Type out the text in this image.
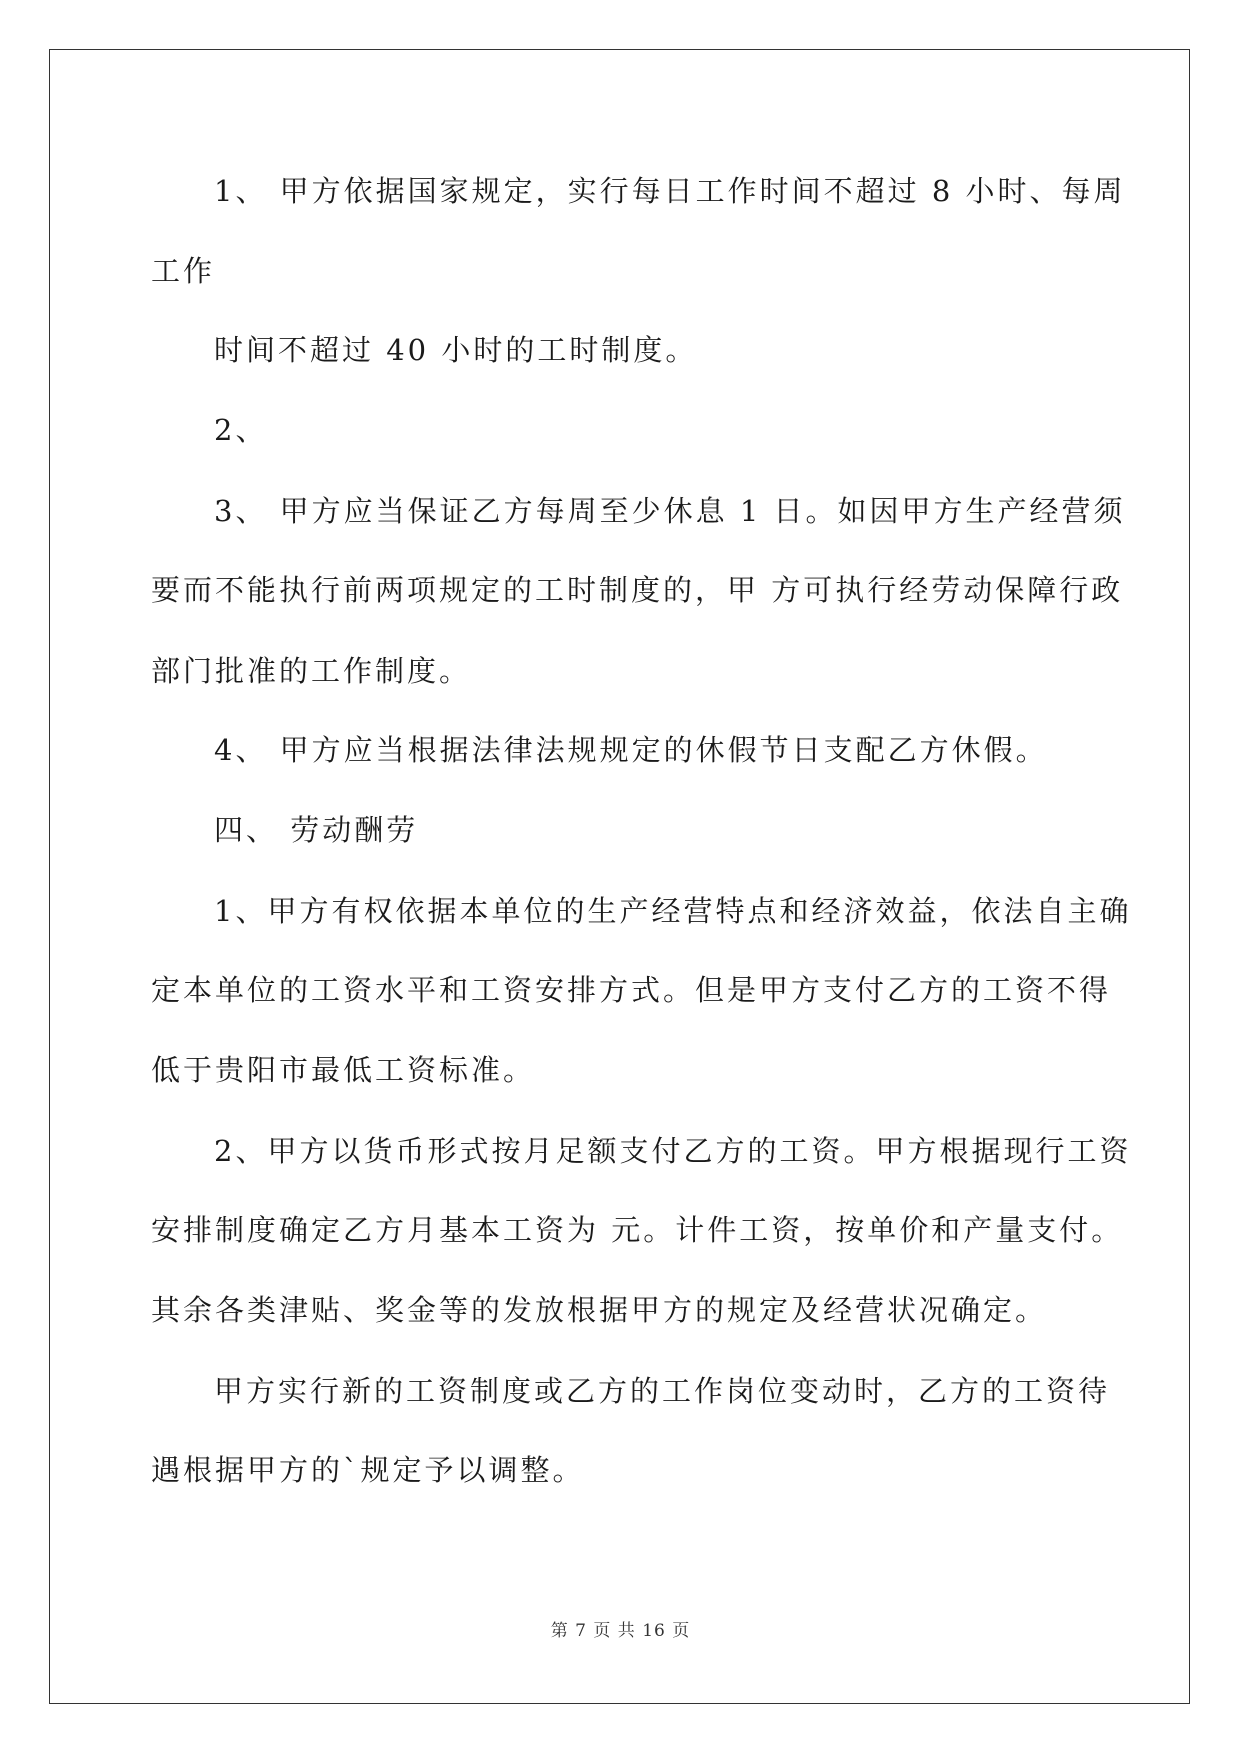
1、 甲方依据国家规定，实行每日工作时间不超过 8 小时、每周
工作
时间不超过 40 小时的工时制度。
2、
3、 甲方应当保证乙方每周至少休息 1 日。如因甲方生产经营须
要而不能执行前两项规定的工时制度的，甲 方可执行经劳动保障行政
部门批准的工作制度。
4、 甲方应当根据法律法规规定的休假节日支配乙方休假。
四、 劳动酬劳
1、甲方有权依据本单位的生产经营特点和经济效益，依法自主确
定本单位的工资水平和工资安排方式。但是甲方支付乙方的工资不得
低于贵阳市最低工资标准。
2、甲方以货币形式按月足额支付乙方的工资。甲方根据现行工资
安排制度确定乙方月基本工资为 元。计件工资，按单价和产量支付。
其余各类津贴、奖金等的发放根据甲方的规定及经营状况确定。
甲方实行新的工资制度或乙方的工作岗位变动时，乙方的工资待
遇根据甲方的`规定予以调整。
第 7 页 共 16 页
